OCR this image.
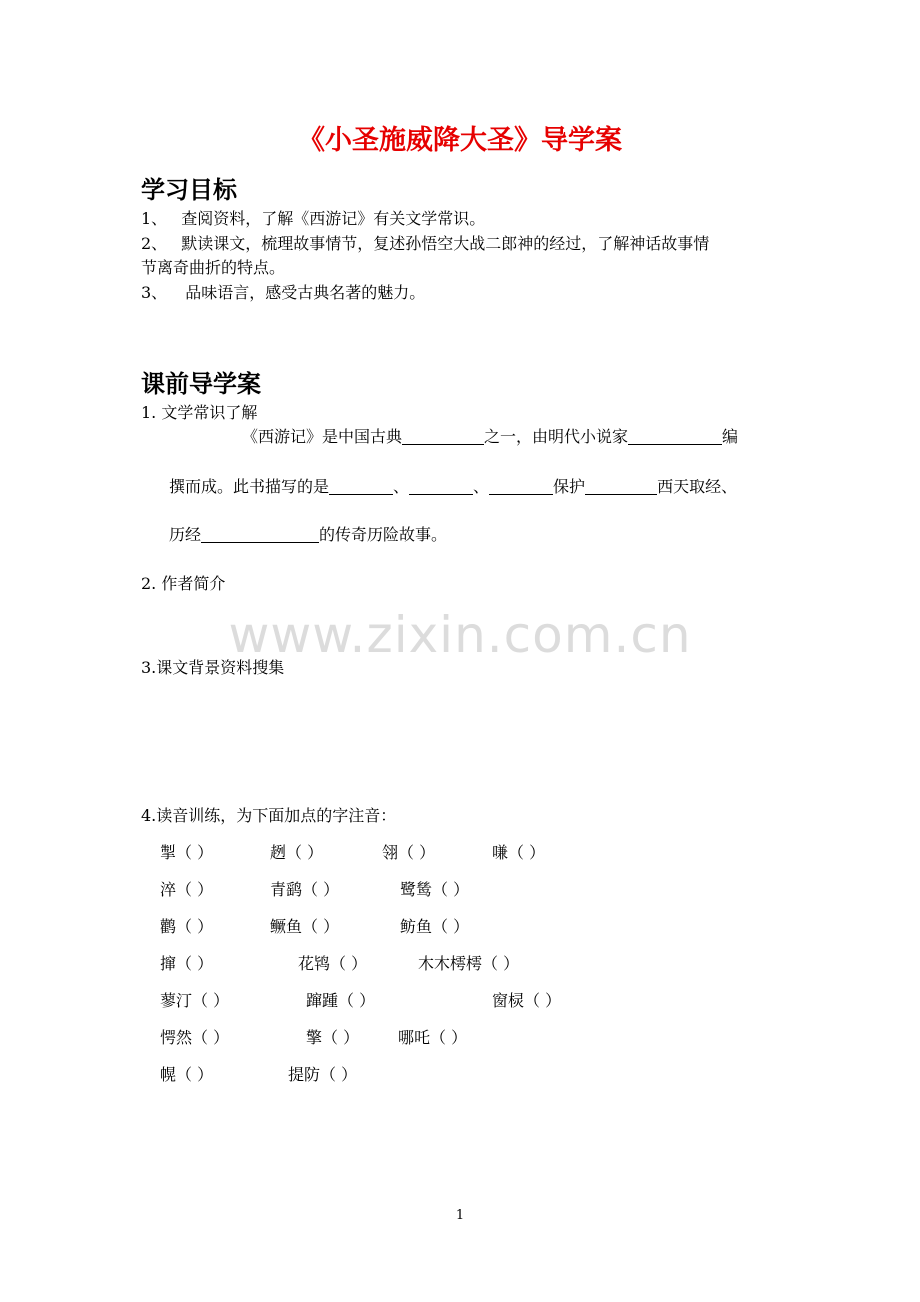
《小圣施威降大圣》导学案
www.zixin.com.cn
学习目标
1、 查阅资料，了解《西游记》有关文学常识。
2、 默读课文，梳理故事情节，复述孙悟空大战二郎神的经过，了解神话故事情
节离奇曲折的特点。
3、 品味语言，感受古典名著的魅力。
课前导学案
1. 文学常识了解
《西游记》是中国古典	之一，由明代小说家	编
撰而成。此书描写的是	、	、	保护	西天取经、
历经	的传奇历险故事。
2. 作者简介
3.课文背景资料搜集
4.读音训练，为下面加点的字注音：
掣（ ）	趔（ ）	翎（ ）	嗛（ ）
淬（ ）	青鹞（ ）	鹭鸶（ ）
鹳（ ）	鳜鱼（ ）	鲂鱼（ ）
撺（ ）	花鸨（ ）	木木樗樗（ ）
蓼汀（ ）	蹿踵（ ）	窗棂（ ）
愕然（ ）	擎（ ） 哪吒（ ）
幌（ ）	提防（ ）
1
